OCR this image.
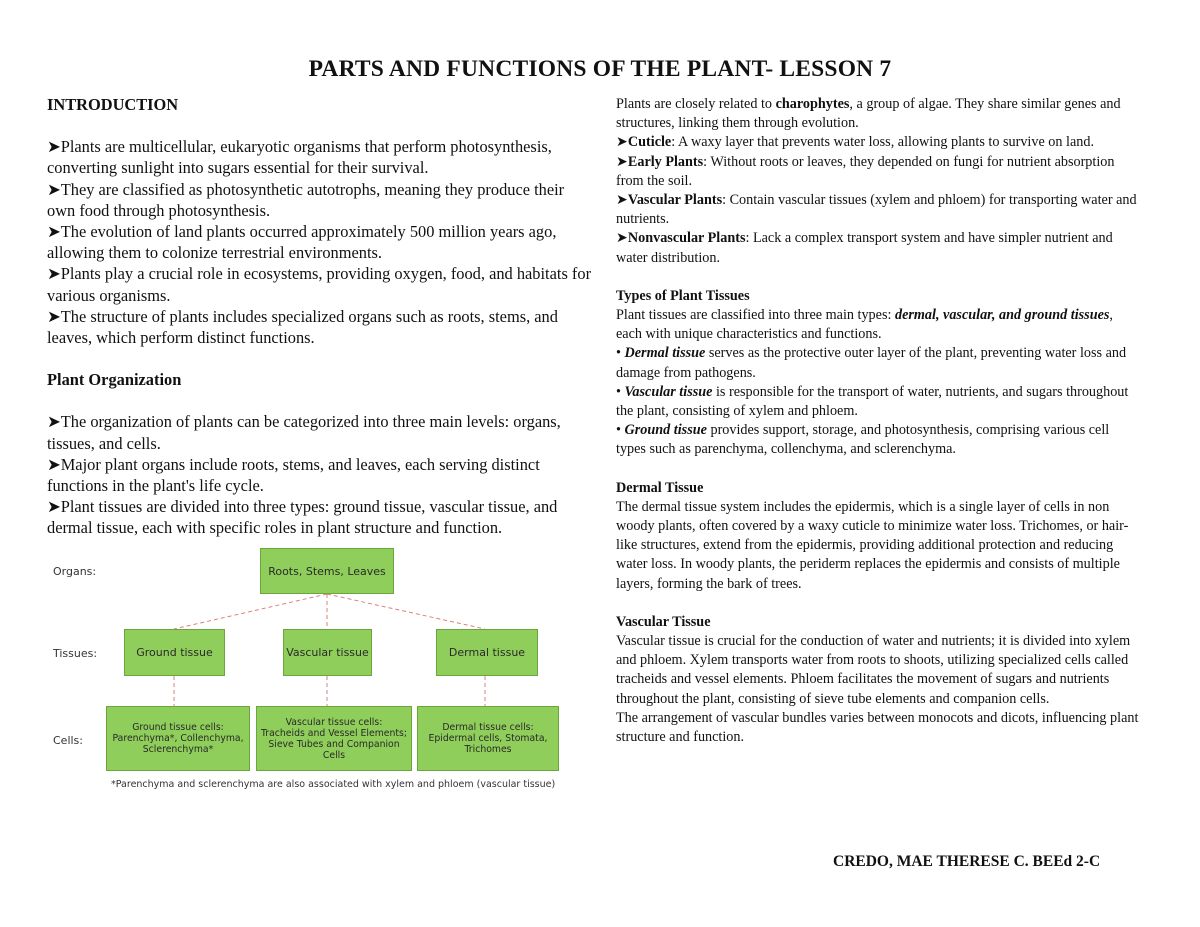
PARTS AND FUNCTIONS OF THE PLANT- LESSON 7
INTRODUCTION

➤Plants are multicellular, eukaryotic organisms that perform photosynthesis, converting sunlight into sugars essential for their survival.

➤They are classified as photosynthetic autotrophs, meaning they produce their own food through photosynthesis.

➤The evolution of land plants occurred approximately 500 million years ago, allowing them to colonize terrestrial environments.

➤Plants play a crucial role in ecosystems, providing oxygen, food, and habitats for various organisms.

➤The structure of plants includes specialized organs such as roots, stems, and leaves, which perform distinct functions.

Plant Organization

➤The organization of plants can be categorized into three main levels: organs, tissues, and cells.

➤Major plant organs include roots, stems, and leaves, each serving distinct functions in the plant's life cycle.

➤Plant tissues are divided into three types: ground tissue, vascular tissue, and dermal tissue, each with specific roles in plant structure and function.

Organs:
Tissues:
Cells:
Roots, Stems, Leaves
Ground tissue	Vascular tissue	Dermal tissue
Ground tissue cells:
Parenchyma*, Collenchyma,
Sclerenchyma*
Vascular tissue cells:
Tracheids and Vessel Elements;
Sieve Tubes and Companion Cells
Dermal tissue cells:
Epidermal cells, Stomata,
Trichomes
*Parenchyma and sclerenchyma are also associated with xylem and phloem (vascular tissue)

Plants are closely related to charophytes, a group of algae. They share similar genes and structures, linking them through evolution.

➤Cuticle: A waxy layer that prevents water loss, allowing plants to survive on land.

➤Early Plants: Without roots or leaves, they depended on fungi for nutrient absorption from the soil.

➤Vascular Plants: Contain vascular tissues (xylem and phloem) for transporting water and nutrients.

➤Nonvascular Plants: Lack a complex transport system and have simpler nutrient and water distribution.

Types of Plant Tissues

Plant tissues are classified into three main types: dermal, vascular, and ground tissues, each with unique characteristics and functions.

• Dermal tissue serves as the protective outer layer of the plant, preventing water loss and damage from pathogens.

• Vascular tissue is responsible for the transport of water, nutrients, and sugars throughout the plant, consisting of xylem and phloem.

• Ground tissue provides support, storage, and photosynthesis, comprising various cell types such as parenchyma, collenchyma, and sclerenchyma.

Dermal Tissue

The dermal tissue system includes the epidermis, which is a single layer of cells in non woody plants, often covered by a waxy cuticle to minimize water loss. Trichomes, or hair-like structures, extend from the epidermis, providing additional protection and reducing water loss. In woody plants, the periderm replaces the epidermis and consists of multiple layers, forming the bark of trees.

Vascular Tissue

Vascular tissue is crucial for the conduction of water and nutrients; it is divided into xylem and phloem. Xylem transports water from roots to shoots, utilizing specialized cells called tracheids and vessel elements. Phloem facilitates the movement of sugars and nutrients throughout the plant, consisting of sieve tube elements and companion cells.

The arrangement of vascular bundles varies between monocots and dicots, influencing plant structure and function.

CREDO, MAE THERESE C. BEEd 2-C
